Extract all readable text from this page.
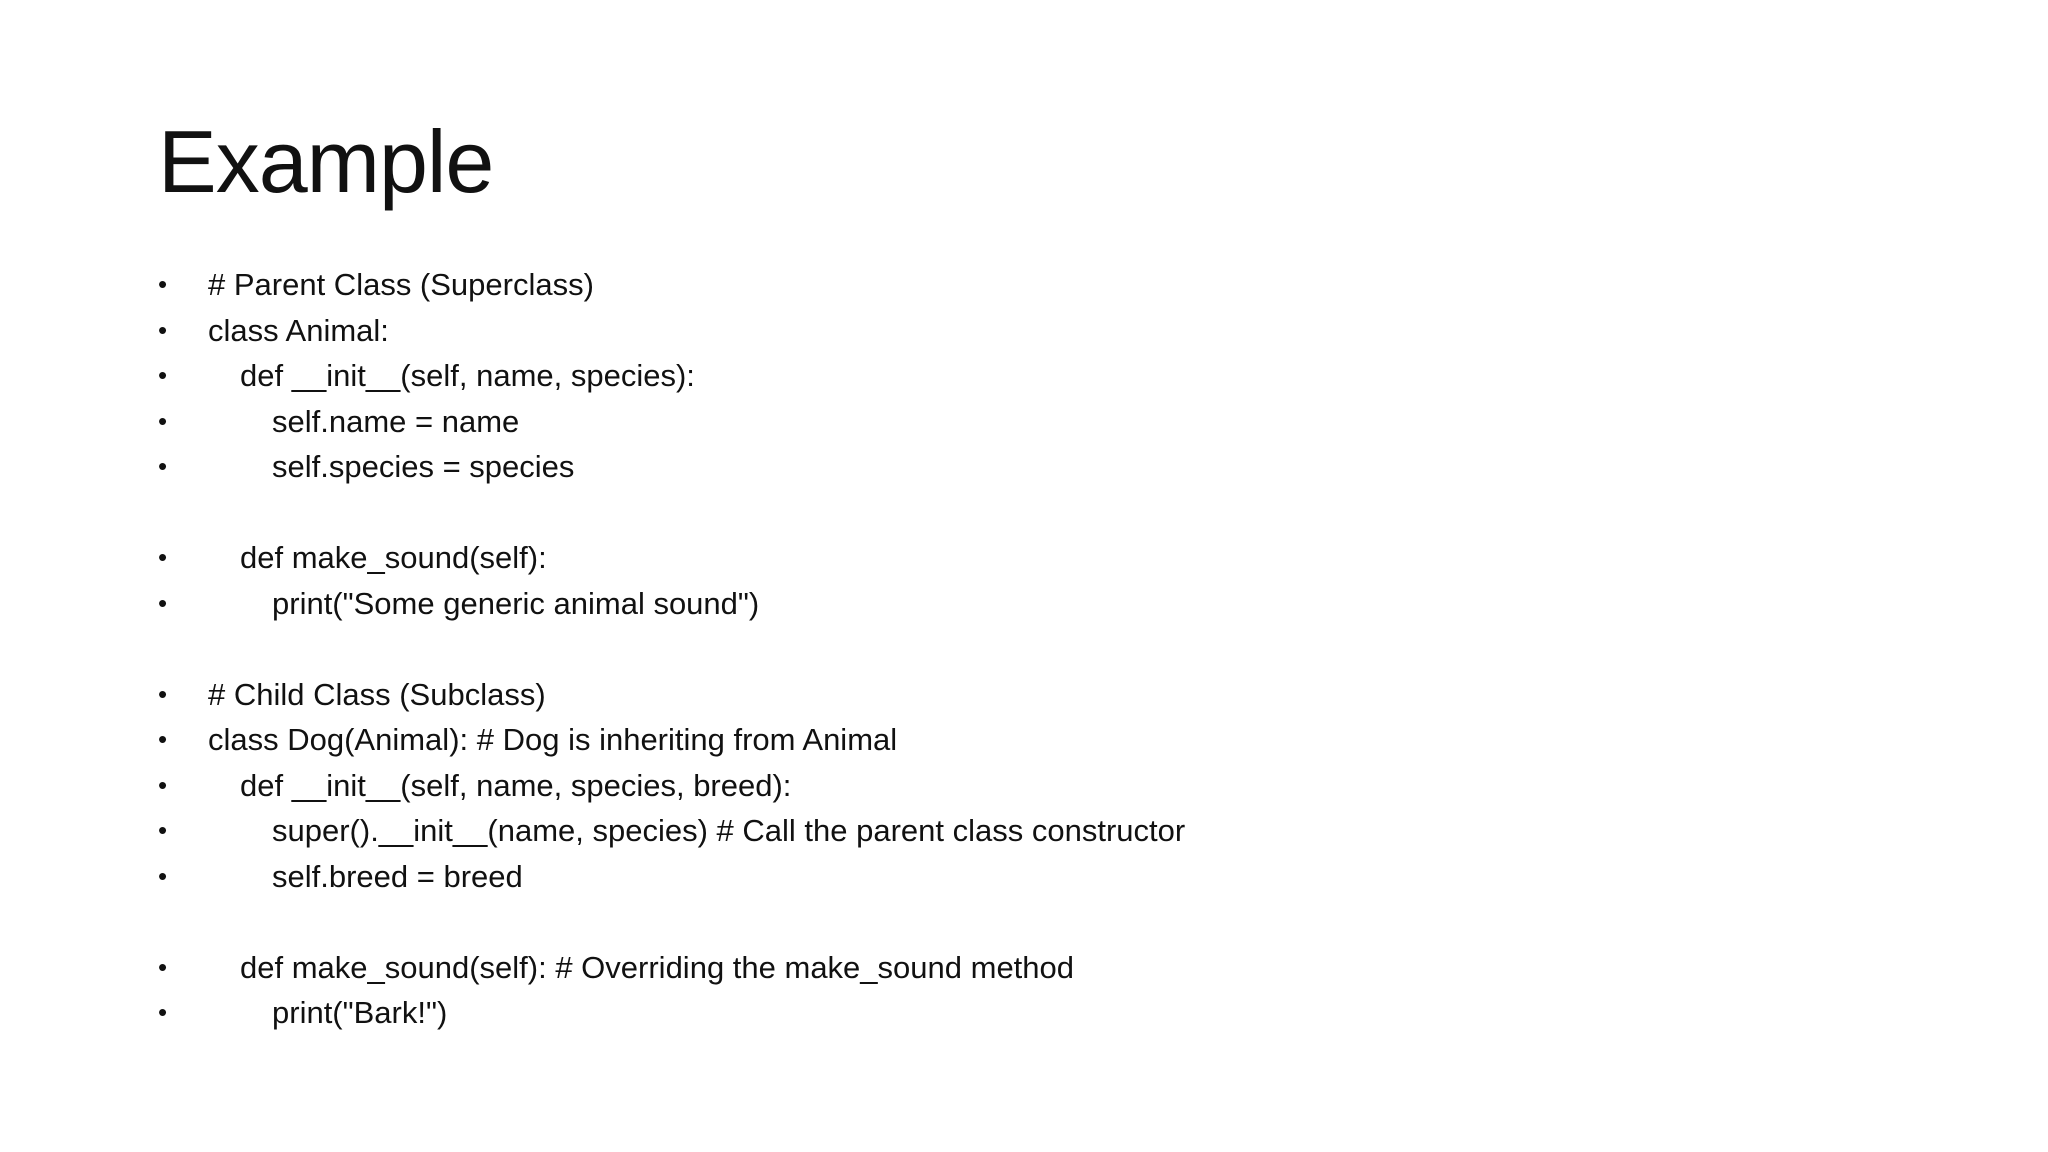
Example
• # Parent Class (Superclass)
• class Animal:
• def __init__(self, name, species):
•	self.name = name
•	self.species = species
• def make_sound(self):
•	print("Some generic animal sound")
• # Child Class (Subclass)
• class Dog(Animal): # Dog is inheriting from Animal
• def __init__(self, name, species, breed):
•	super().__init__(name, species) # Call the parent class constructor
•	self.breed = breed
• def make_sound(self): # Overriding the make_sound method
•	print("Bark!")
